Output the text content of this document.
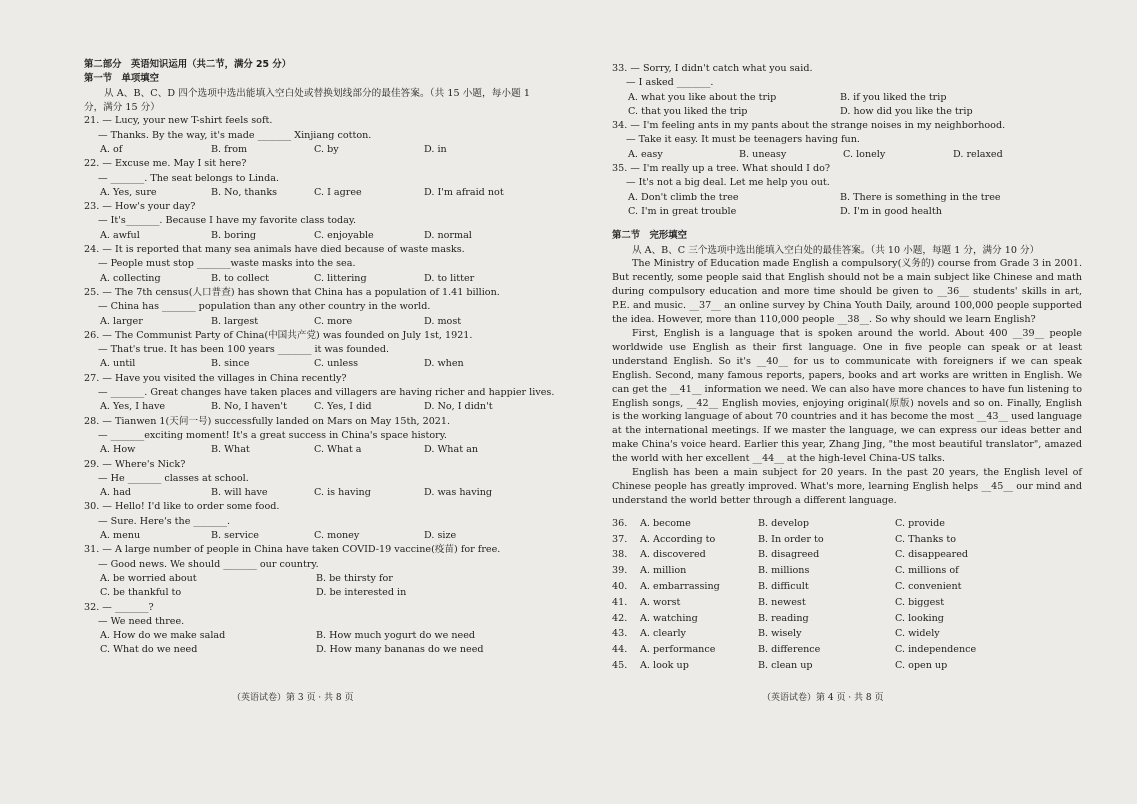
第二部分　英语知识运用（共二节，满分 25 分）
第一节　单项填空
从 A、B、C、D 四个选项中选出能填入空白处或替换划线部分的最佳答案。（共 15 小题，每小题 1 分，满分 15 分）
21. — Lucy, your new T-shirt feels soft.
— Thanks. By the way, it's made _______ Xinjiang cotton.
A. of	B. from	C. by	D. in
22. — Excuse me. May I sit here?
— _______. The seat belongs to Linda.
A. Yes, sure	B. No, thanks	C. I agree	D. I'm afraid not
23. — How's your day?
— It's_______. Because I have my favorite class today.
A. awful	B. boring	C. enjoyable	D. normal
24. — It is reported that many sea animals have died because of waste masks.
— People must stop _______waste masks into the sea.
A. collecting	B. to collect	C. littering	D. to litter
25. — The 7th census(人口普查) has shown that China has a population of 1.41 billion.
— China has _______ population than any other country in the world.
A. larger	B. largest	C. more	D. most
26. — The Communist Party of China(中国共产党) was founded on July 1st, 1921.
— That's true. It has been 100 years _______ it was founded.
A. until	B. since	C. unless	D. when
27. — Have you visited the villages in China recently?
— _______. Great changes have taken places and villagers are having richer and happier lives.
A. Yes, I have	B. No, I haven't	C. Yes, I did	D. No, I didn't
28. — Tianwen 1(天问一号) successfully landed on Mars on May 15th, 2021.
— _______exciting moment! It's a great success in China's space history.
A. How	B. What	C. What a	D. What an
29. — Where's Nick?
— He _______ classes at school.
A. had	B. will have	C. is having	D. was having
30. — Hello! I'd like to order some food.
— Sure. Here's the _______.
A. menu	B. service	C. money	D. size
31. — A large number of people in China have taken COVID-19 vaccine(疫苗) for free.
— Good news. We should _______ our country.
A. be worried about	B. be thirsty for
C. be thankful to	D. be interested in
32. — _______?
— We need three.
A. How do we make salad	B. How much yogurt do we need
C. What do we need	D. How many bananas do we need
（英语试卷）第 3 页 · 共 8 页
33. — Sorry, I didn't catch what you said.
— I asked _______.
A. what you like about the trip	B. if you liked the trip
C. that you liked the trip	D. how did you like the trip
34. — I'm feeling ants in my pants about the strange noises in my neighborhood.
— Take it easy. It must be teenagers having fun.
A. easy	B. uneasy	C. lonely	D. relaxed
35. — I'm really up a tree. What should I do?
— It's not a big deal. Let me help you out.
A. Don't climb the tree	B. There is something in the tree
C. I'm in great trouble	D. I'm in good health
第二节　完形填空
从 A、B、C 三个选项中选出能填入空白处的最佳答案。（共 10 小题，每题 1 分，满分 10 分）
The Ministry of Education made English a compulsory(义务的) course from Grade 3 in 2001. But recently, some people said that English should not be a main subject like Chinese and math during compulsory education and more time should be given to __36__ students' skills in art, P.E. and music. __37__ an online survey by China Youth Daily, around 100,000 people supported the idea. However, more than 110,000 people __38__. So why should we learn English?
First, English is a language that is spoken around the world. About 400 __39__ people worldwide use English as their first language. One in five people can speak or at least understand English. So it's __40__ for us to communicate with foreigners if we can speak English. Second, many famous reports, papers, books and art works are written in English. We can get the __41__ information we need. We can also have more chances to have fun listening to English songs, __42__ English movies, enjoying original(原版) novels and so on. Finally, English is the working language of about 70 countries and it has become the most __43__ used language at the international meetings. If we master the language, we can express our ideas better and make China's voice heard. Earlier this year, Zhang Jing, "the most beautiful translator", amazed the world with her excellent __44__ at the high-level China-US talks.
English has been a main subject for 20 years. In the past 20 years, the English level of Chinese people has greatly improved. What's more, learning English helps __45__ our mind and understand the world better through a different language.
36.	A. become	B. develop	C. provide
37.	A. According to	B. In order to	C. Thanks to
38.	A. discovered	B. disagreed	C. disappeared
39.	A. million	B. millions	C. millions of
40.	A. embarrassing	B. difficult	C. convenient
41.	A. worst	B. newest	C. biggest
42.	A. watching	B. reading	C. looking
43.	A. clearly	B. wisely	C. widely
44.	A. performance	B. difference	C. independence
45.	A. look up	B. clean up	C. open up
（英语试卷）第 4 页 · 共 8 页
